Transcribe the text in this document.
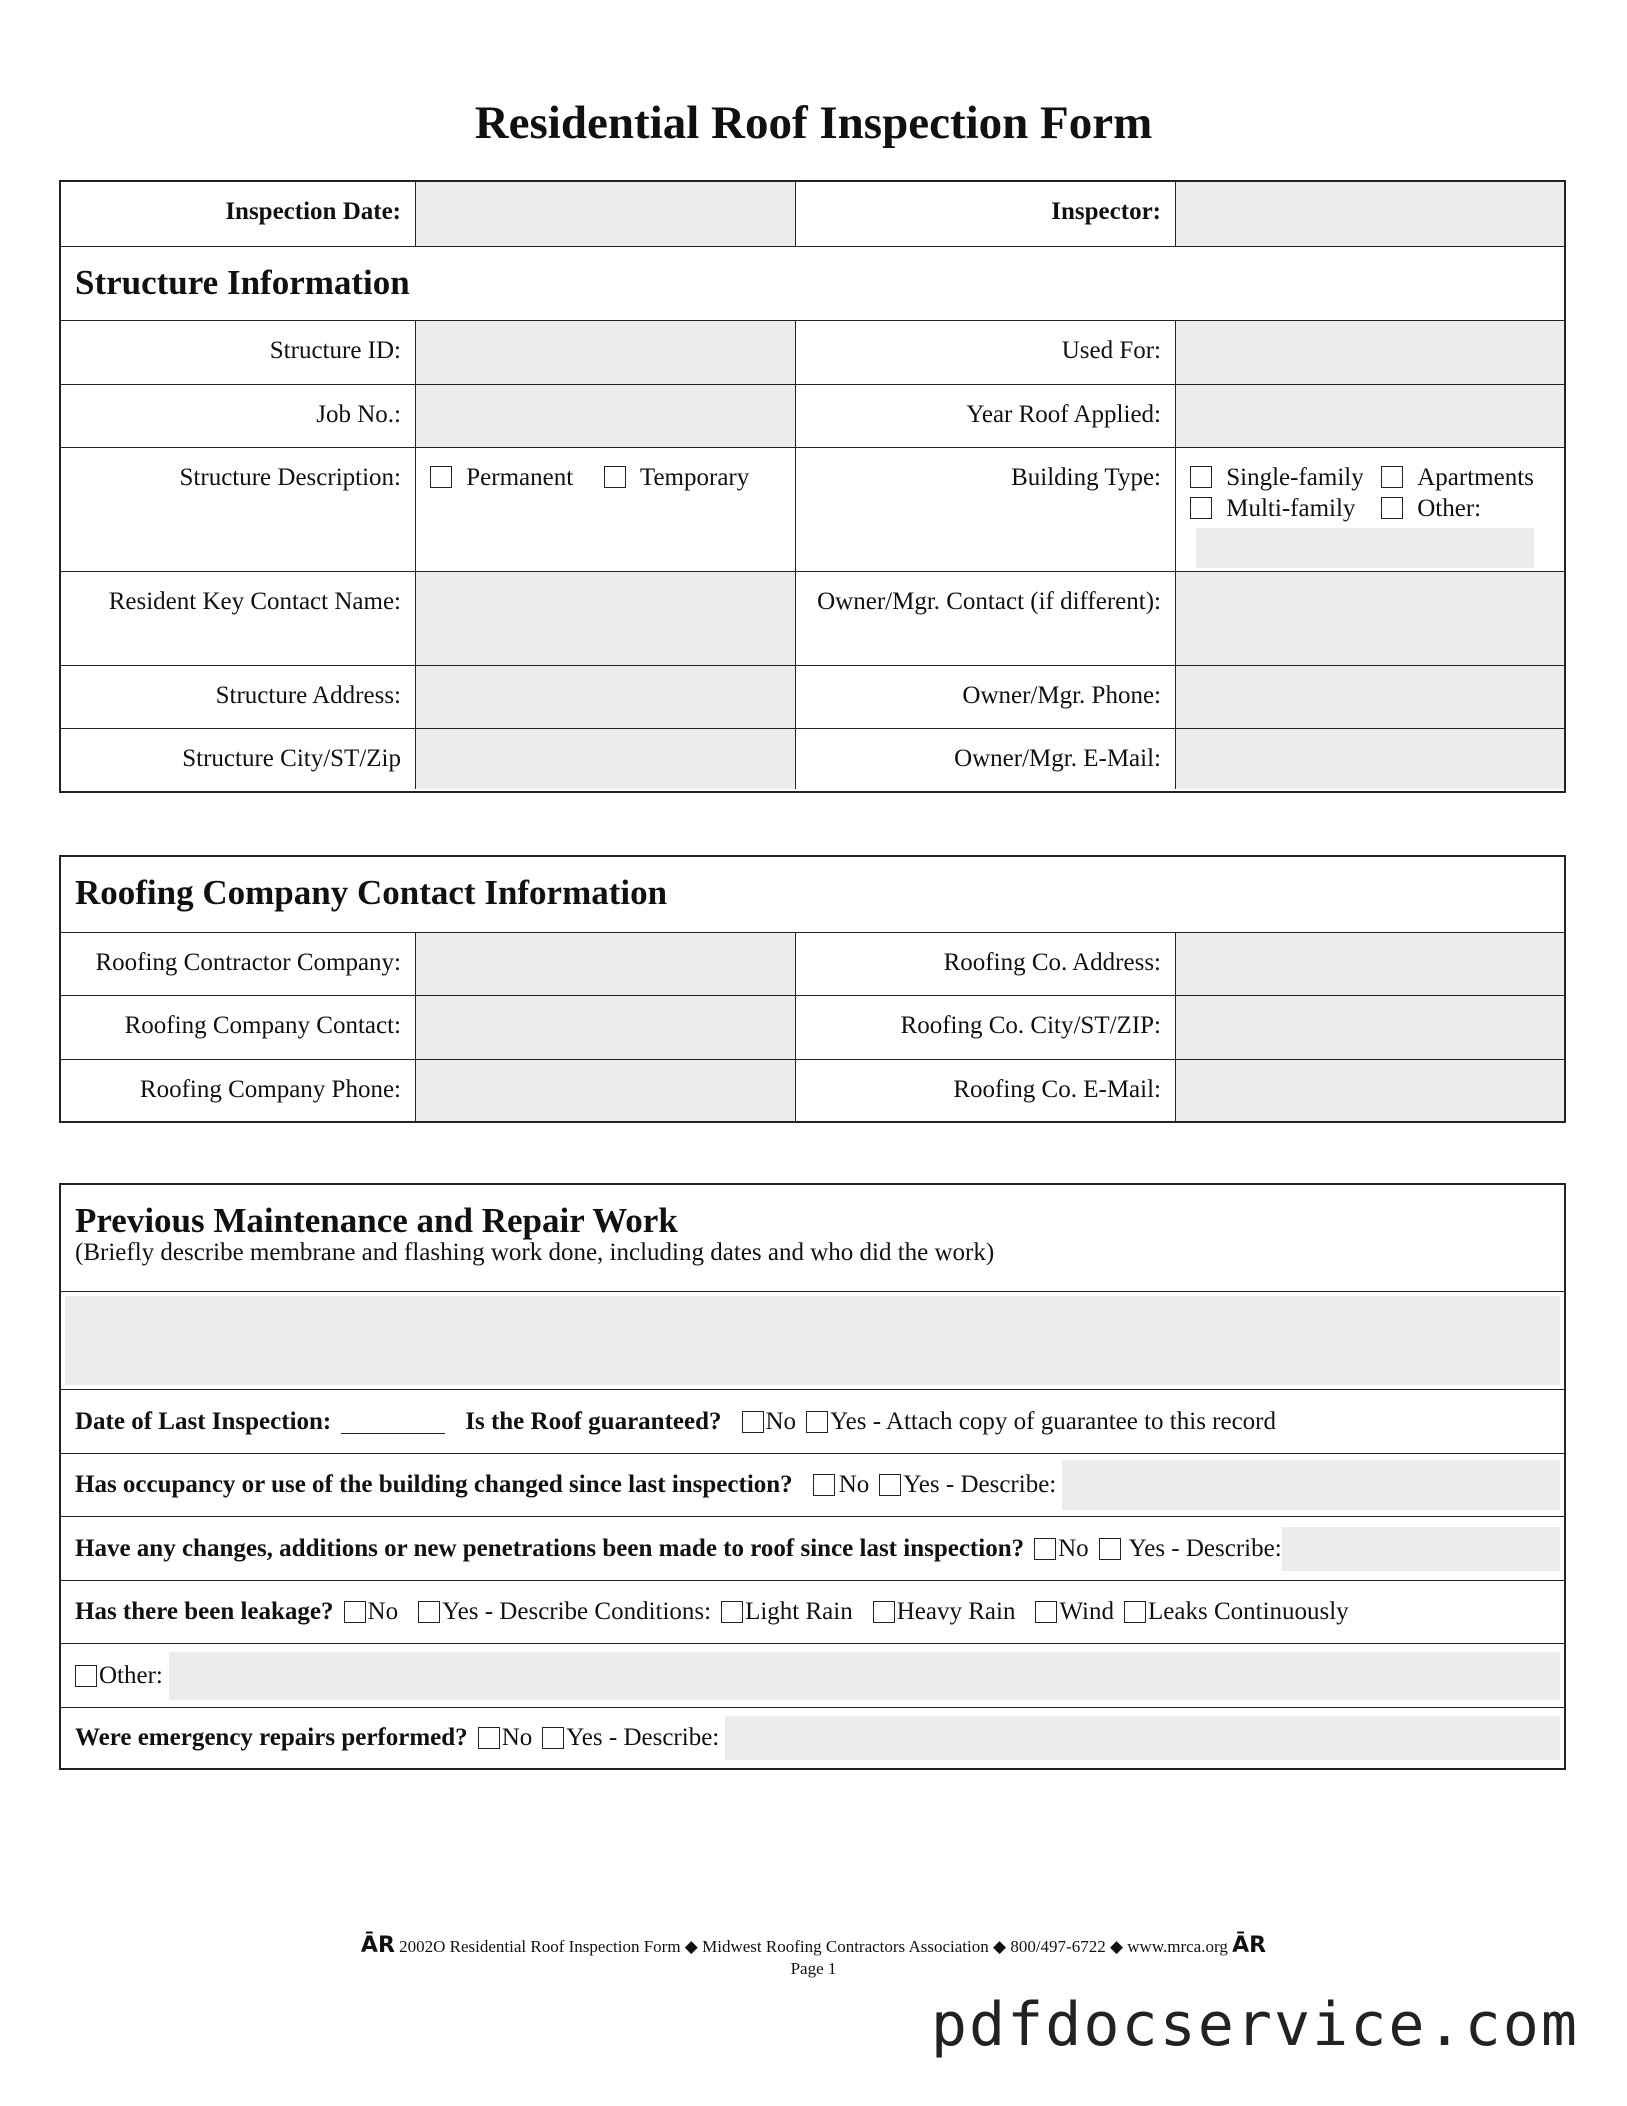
Residential Roof Inspection Form
Inspection Date:	Inspector:
Structure Information
Structure ID:	Used For:
Job No.:	Year Roof Applied:
Structure Description:	Permanent	Temporary	Building Type:	Single-family	Apartments
Multi-family	Other:
Resident Key Contact Name:	Owner/Mgr. Contact (if different):
Structure Address:	Owner/Mgr. Phone:
Structure City/ST/Zip	Owner/Mgr. E-Mail:
Roofing Company Contact Information
Roofing Contractor Company:	Roofing Co. Address:
Roofing Company Contact:	Roofing Co. City/ST/ZIP:
Roofing Company Phone:	Roofing Co. E-Mail:
Previous Maintenance and Repair Work
(Briefly describe membrane and flashing work done, including dates and who did the work)
Date of Last Inspection:	Is the Roof guaranteed? No Yes - Attach copy of guarantee to this record
Has occupancy or use of the building changed since last inspection? No Yes - Describe:
Have any changes, additions or new penetrations been made to roof since last inspection? No Yes - Describe:
Has there been leakage? No Yes - Describe Conditions: Light Rain Heavy Rain Wind Leaks Continuously
Other:
Were emergency repairs performed? No Yes - Describe:
ᾹR 2002O Residential Roof Inspection Form ◆ Midwest Roofing Contractors Association ◆ 800/497-6722 ◆ www.mrca.org ᾹR
Page 1
pdfdocservice.com
